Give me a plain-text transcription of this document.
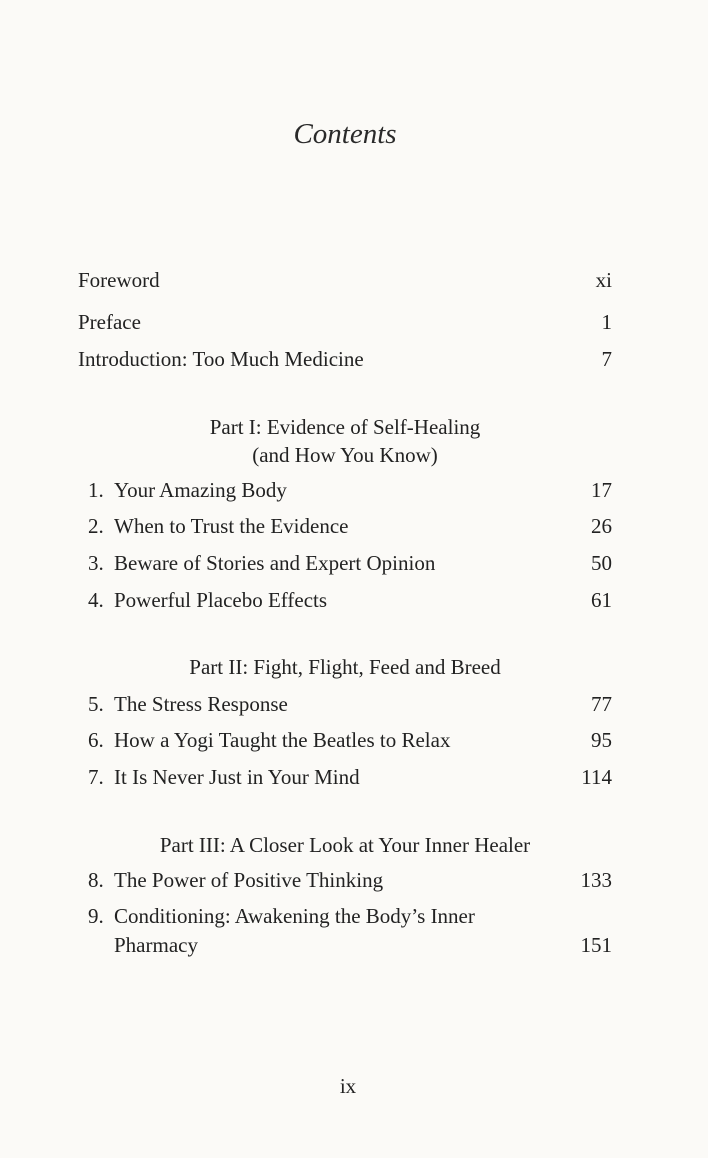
Contents
Foreword	xi
Preface	1
Introduction: Too Much Medicine	7
Part I: Evidence of Self-Healing
(and How You Know)
1. Your Amazing Body	17
2. When to Trust the Evidence	26
3. Beware of Stories and Expert Opinion	50
4. Powerful Placebo Effects	61
Part II: Fight, Flight, Feed and Breed
5. The Stress Response	77
6. How a Yogi Taught the Beatles to Relax	95
7. It Is Never Just in Your Mind	114
Part III: A Closer Look at Your Inner Healer
8. The Power of Positive Thinking	133
9. Conditioning: Awakening the Body’s Inner
Pharmacy	151
ix
